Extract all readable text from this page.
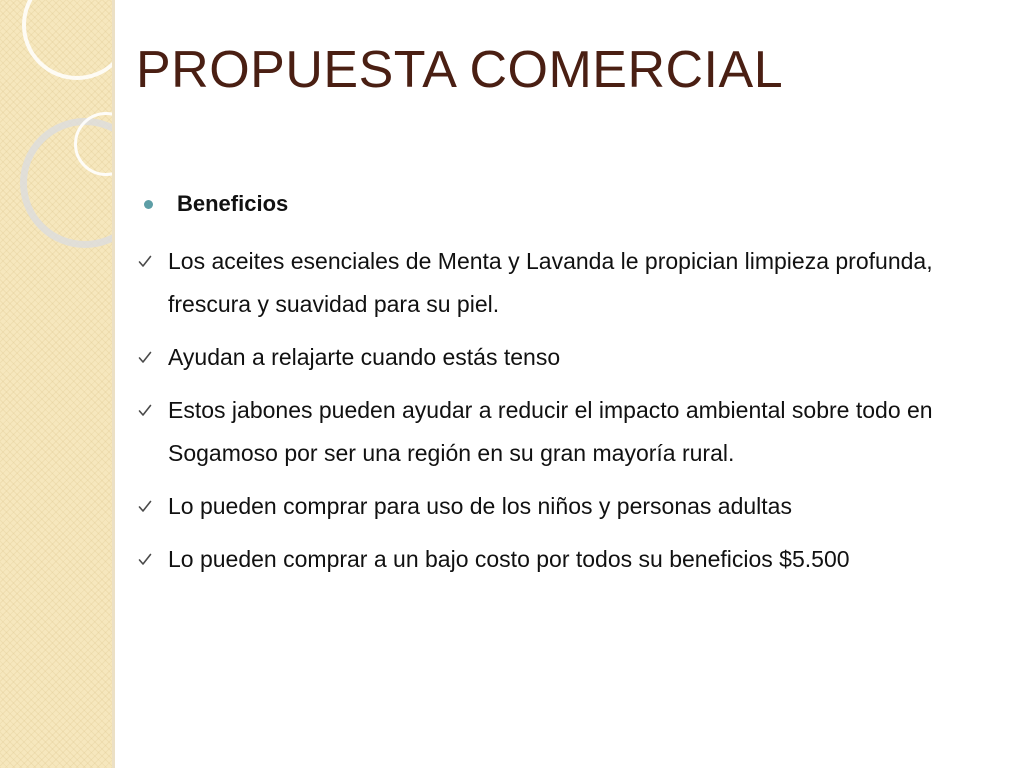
PROPUESTA COMERCIAL
Beneficios
Los aceites esenciales de Menta y Lavanda le propician limpieza profunda, frescura y suavidad para su piel.
Ayudan a relajarte cuando estás tenso
Estos jabones pueden ayudar a reducir el impacto ambiental sobre todo en Sogamoso por ser una región en su gran mayoría rural.
Lo pueden comprar para uso de los niños y personas adultas
Lo pueden comprar a un bajo costo por todos su beneficios $5.500
